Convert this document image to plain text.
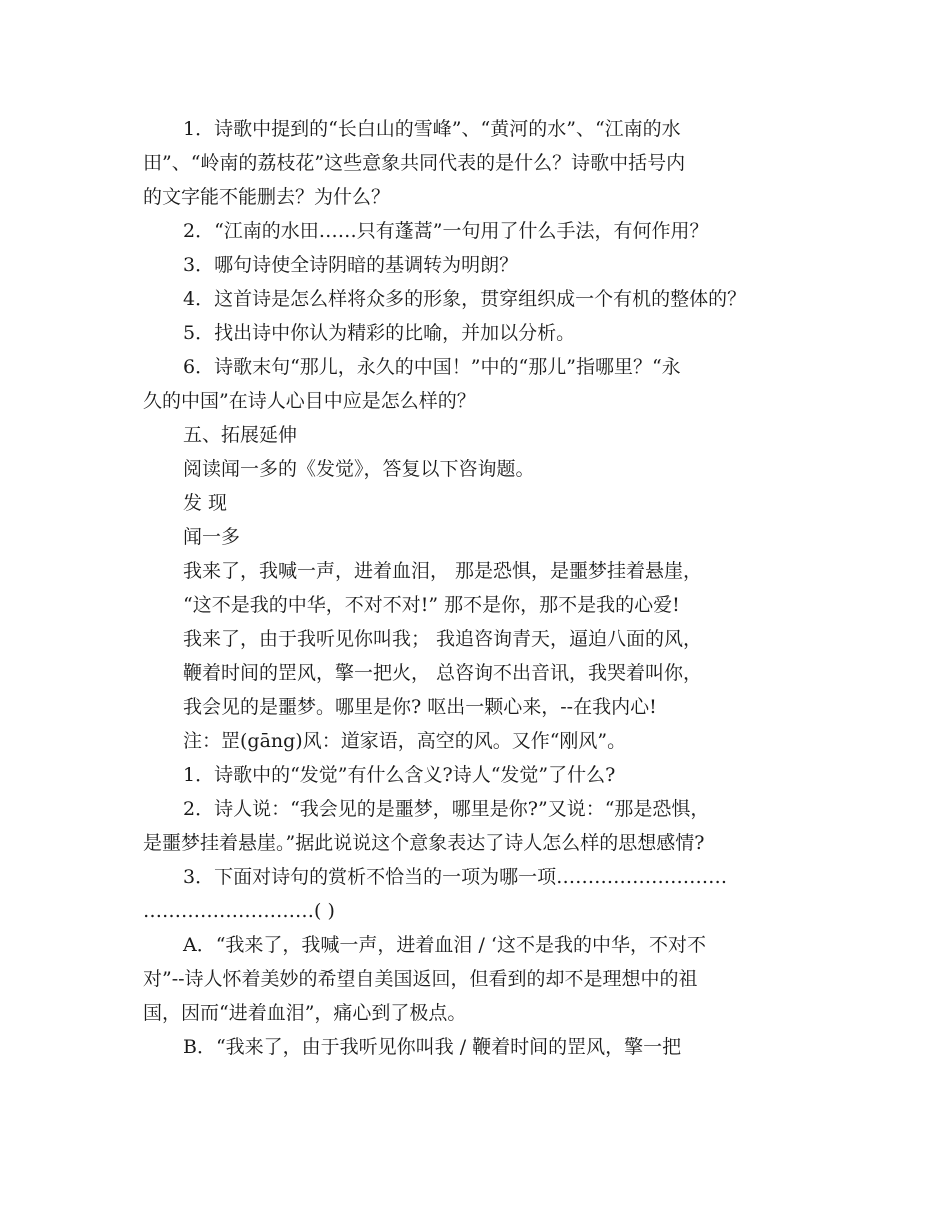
1．诗歌中提到的“长白山的雪峰”、“黄河的水”、“江南的水
田”、“岭南的荔枝花”这些意象共同代表的是什么？诗歌中括号内
的文字能不能删去？为什么？
2．“江南的水田……只有蓬蒿”一句用了什么手法，有何作用？
3．哪句诗使全诗阴暗的基调转为明朗？
4．这首诗是怎么样将众多的形象，贯穿组织成一个有机的整体的？
5．找出诗中你认为精彩的比喻，并加以分析。
6．诗歌末句“那儿，永久的中国！”中的“那儿”指哪里？“永
久的中国”在诗人心目中应是怎么样的？
五、拓展延伸
阅读闻一多的《发觉》，答复以下咨询题。
发 现
闻一多
我来了，我喊一声，进着血泪， 那是恐惧，是噩梦挂着悬崖，
“这不是我的中华，不对不对!” 那不是你，那不是我的心爱!
我来了，由于我听见你叫我； 我追咨询青天，逼迫八面的风，
鞭着时间的罡风，擎一把火， 总咨询不出音讯，我哭着叫你，
我会见的是噩梦。哪里是你? 呕出一颗心来，--在我内心!
注：罡(gāng)风：道家语，高空的风。又作“刚风”。
1．诗歌中的“发觉”有什么含义?诗人“发觉”了什么?
2．诗人说：“我会见的是噩梦，哪里是你?”又说：“那是恐惧，
是噩梦挂着悬崖。”据此说说这个意象表达了诗人怎么样的思想感情?
3．下面对诗句的赏析不恰当的一项为哪一项………………………
………………………( )
A．“我来了，我喊一声，进着血泪 / ‘这不是我的中华，不对不
对”--诗人怀着美妙的希望自美国返回，但看到的却不是理想中的祖
国，因而“进着血泪”，痛心到了极点。
B．“我来了，由于我听见你叫我 / 鞭着时间的罡风，擎一把
